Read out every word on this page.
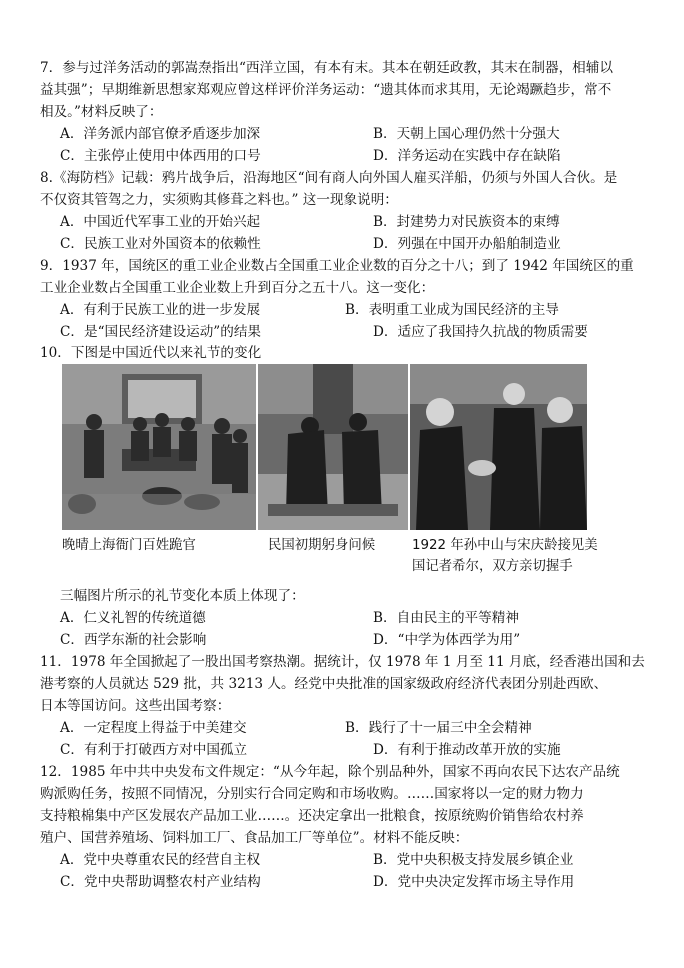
7．参与过洋务活动的郭嵩焘指出“西洋立国，有本有末。其本在朝廷政教，其末在制器，相辅以
益其强”；早期维新思想家郑观应曾这样评价洋务运动：“遗其体而求其用，无论竭蹶趋步，常不
相及。”材料反映了：
A．洋务派内部官僚矛盾逐步加深	B．天朝上国心理仍然十分强大
C．主张停止使用中体西用的口号	D．洋务运动在实践中存在缺陷
8.《海防档》记载：鸦片战争后，沿海地区“间有商人向外国人雇买洋船，仍须与外国人合伙。是
不仅资其管驾之力，实须购其修葺之料也。” 这一现象说明：
A．中国近代军事工业的开始兴起	B．封建势力对民族资本的束缚
C．民族工业对外国资本的依赖性	D．列强在中国开办船舶制造业
9．1937 年，国统区的重工业企业数占全国重工业企业数的百分之十八；到了 1942 年国统区的重
工业企业数占全国重工业企业数上升到百分之五十八。这一变化：
A．有利于民族工业的进一步发展	B．表明重工业成为国民经济的主导
C．是“国民经济建设运动”的结果	D．适应了我国持久抗战的物质需要
10．下图是中国近代以来礼节的变化
晚晴上海衙门百姓跪官	民国初期躬身问候	1922 年孙中山与宋庆龄接见美
国记者希尔，双方亲切握手
三幅图片所示的礼节变化本质上体现了：
A．仁义礼智的传统道德	B．自由民主的平等精神
C．西学东渐的社会影响	D．“中学为体西学为用”
11．1978 年全国掀起了一股出国考察热潮。据统计，仅 1978 年 1 月至 11 月底，经香港出国和去
港考察的人员就达 529 批，共 3213 人。经党中央批准的国家级政府经济代表团分别赴西欧、
日本等国访问。这些出国考察：
A．一定程度上得益于中美建交	B．践行了十一届三中全会精神
C．有利于打破西方对中国孤立	D．有利于推动改革开放的实施
12．1985 年中共中央发布文件规定：“从今年起，除个别品种外，国家不再向农民下达农产品统
购派购任务，按照不同情况，分别实行合同定购和市场收购。……国家将以一定的财力物力
支持粮棉集中产区发展农产品加工业……。还决定拿出一批粮食，按原统购价销售给农村养
殖户、国营养殖场、饲料加工厂、食品加工厂等单位”。材料不能反映：
A．党中央尊重农民的经营自主权	B．党中央积极支持发展乡镇企业
C．党中央帮助调整农村产业结构	D．党中央决定发挥市场主导作用
